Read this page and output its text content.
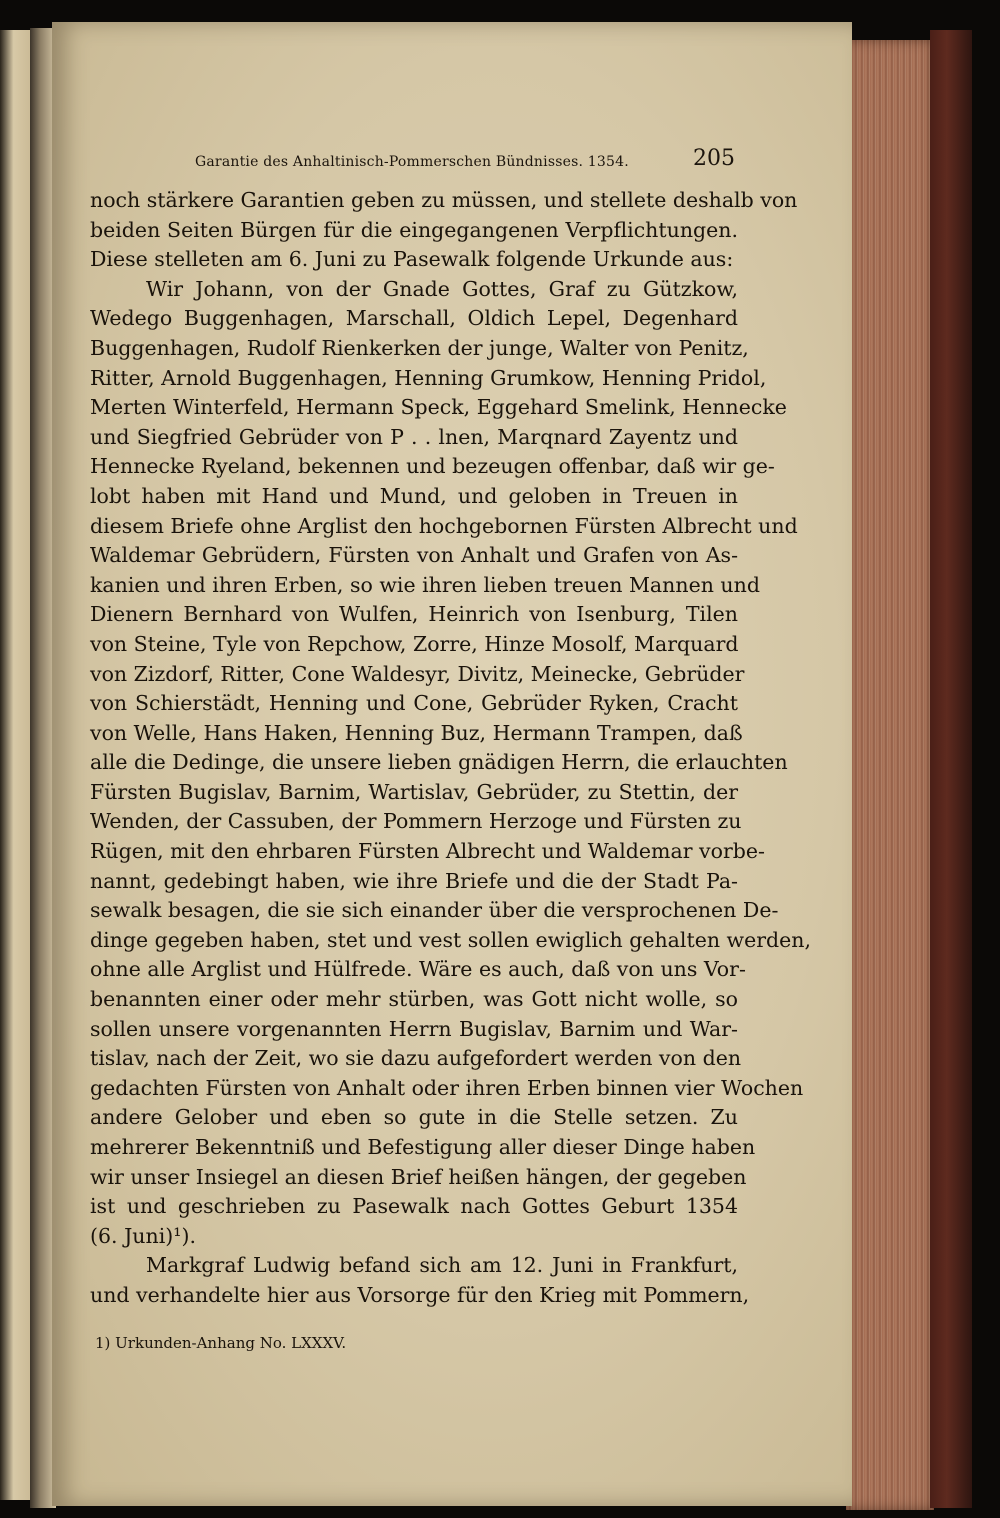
Garantie des Anhaltinisch-Pommerschen Bündnisses. 1354.	205
noch stärkere Garantien geben zu müssen, und stellete deshalb von
beiden Seiten Bürgen für die eingegangenen Verpflichtungen.
Diese stelleten am 6. Juni zu Pasewalk folgende Urkunde aus:
Wir Johann, von der Gnade Gottes, Graf zu Gützkow,
Wedego Buggenhagen, Marschall, Oldich Lepel, Degenhard
Buggenhagen, Rudolf Rienkerken der junge, Walter von Penitz,
Ritter, Arnold Buggenhagen, Henning Grumkow, Henning Pridol,
Merten Winterfeld, Hermann Speck, Eggehard Smelink, Hennecke
und Siegfried Gebrüder von P . . lnen, Marqnard Zayentz und
Hennecke Ryeland, bekennen und bezeugen offenbar, daß wir ge-
lobt haben mit Hand und Mund, und geloben in Treuen in
diesem Briefe ohne Arglist den hochgebornen Fürsten Albrecht und
Waldemar Gebrüdern, Fürsten von Anhalt und Grafen von As-
kanien und ihren Erben, so wie ihren lieben treuen Mannen und
Dienern Bernhard von Wulfen, Heinrich von Isenburg, Tilen
von Steine, Tyle von Repchow, Zorre, Hinze Mosolf, Marquard
von Zizdorf, Ritter, Cone Waldesyr, Divitz, Meinecke, Gebrüder
von Schierstädt, Henning und Cone, Gebrüder Ryken, Cracht
von Welle, Hans Haken, Henning Buz, Hermann Trampen, daß
alle die Dedinge, die unsere lieben gnädigen Herrn, die erlauchten
Fürsten Bugislav, Barnim, Wartislav, Gebrüder, zu Stettin, der
Wenden, der Cassuben, der Pommern Herzoge und Fürsten zu
Rügen, mit den ehrbaren Fürsten Albrecht und Waldemar vorbe-
nannt, gedebingt haben, wie ihre Briefe und die der Stadt Pa-
sewalk besagen, die sie sich einander über die versprochenen De-
dinge gegeben haben, stet und vest sollen ewiglich gehalten werden,
ohne alle Arglist und Hülfrede. Wäre es auch, daß von uns Vor-
benannten einer oder mehr stürben, was Gott nicht wolle, so
sollen unsere vorgenannten Herrn Bugislav, Barnim und War-
tislav, nach der Zeit, wo sie dazu aufgefordert werden von den
gedachten Fürsten von Anhalt oder ihren Erben binnen vier Wochen
andere Gelober und eben so gute in die Stelle setzen. Zu
mehrerer Bekenntniß und Befestigung aller dieser Dinge haben
wir unser Insiegel an diesen Brief heißen hängen, der gegeben
ist und geschrieben zu Pasewalk nach Gottes Geburt 1354
(6. Juni)¹).
Markgraf Ludwig befand sich am 12. Juni in Frankfurt,
und verhandelte hier aus Vorsorge für den Krieg mit Pommern,
1) Urkunden-Anhang No. LXXXV.
